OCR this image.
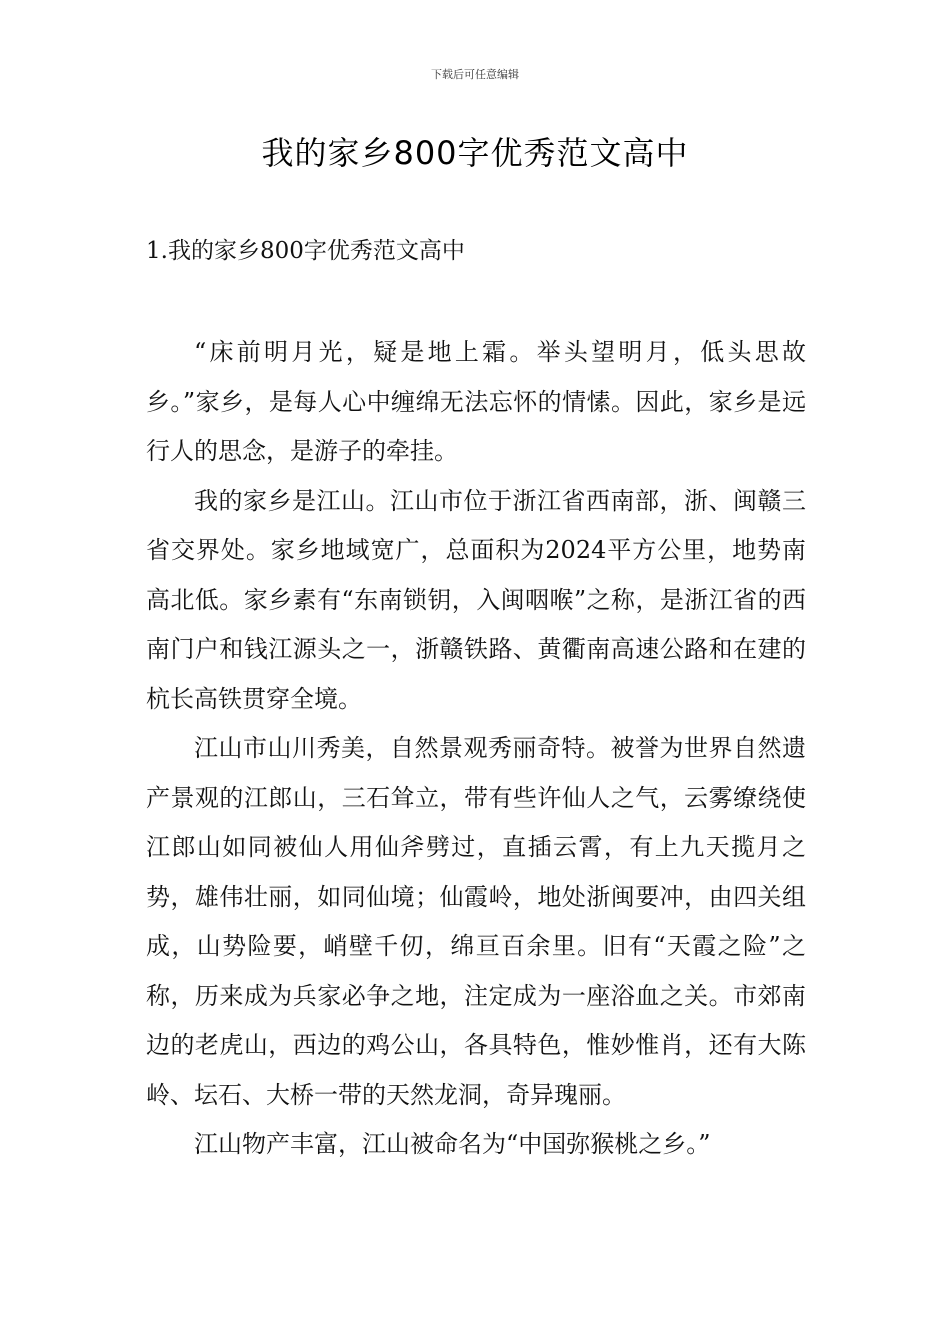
下载后可任意编辑
我的家乡800字优秀范文高中
1.我的家乡800字优秀范文高中

“床前明月光，疑是地上霜。举头望明月，低头思故乡。”家乡，是每人心中缠绵无法忘怀的情愫。因此，家乡是远行人的思念，是游子的牵挂。

我的家乡是江山。江山市位于浙江省西南部，浙、闽赣三省交界处。家乡地域宽广，总面积为2024平方公里，地势南高北低。家乡素有“东南锁钥，入闽咽喉”之称，是浙江省的西南门户和钱江源头之一，浙赣铁路、黄衢南高速公路和在建的杭长高铁贯穿全境。

江山市山川秀美，自然景观秀丽奇特。被誉为世界自然遗产景观的江郎山，三石耸立，带有些许仙人之气，云雾缭绕使江郎山如同被仙人用仙斧劈过，直插云霄，有上九天揽月之势，雄伟壮丽，如同仙境；仙霞岭，地处浙闽要冲，由四关组成，山势险要，峭壁千仞，绵亘百余里。旧有“天霞之险”之称，历来成为兵家必争之地，注定成为一座浴血之关。市郊南边的老虎山，西边的鸡公山，各具特色，惟妙惟肖，还有大陈岭、坛石、大桥一带的天然龙洞，奇异瑰丽。

江山物产丰富，江山被命名为“中国弥猴桃之乡。”
